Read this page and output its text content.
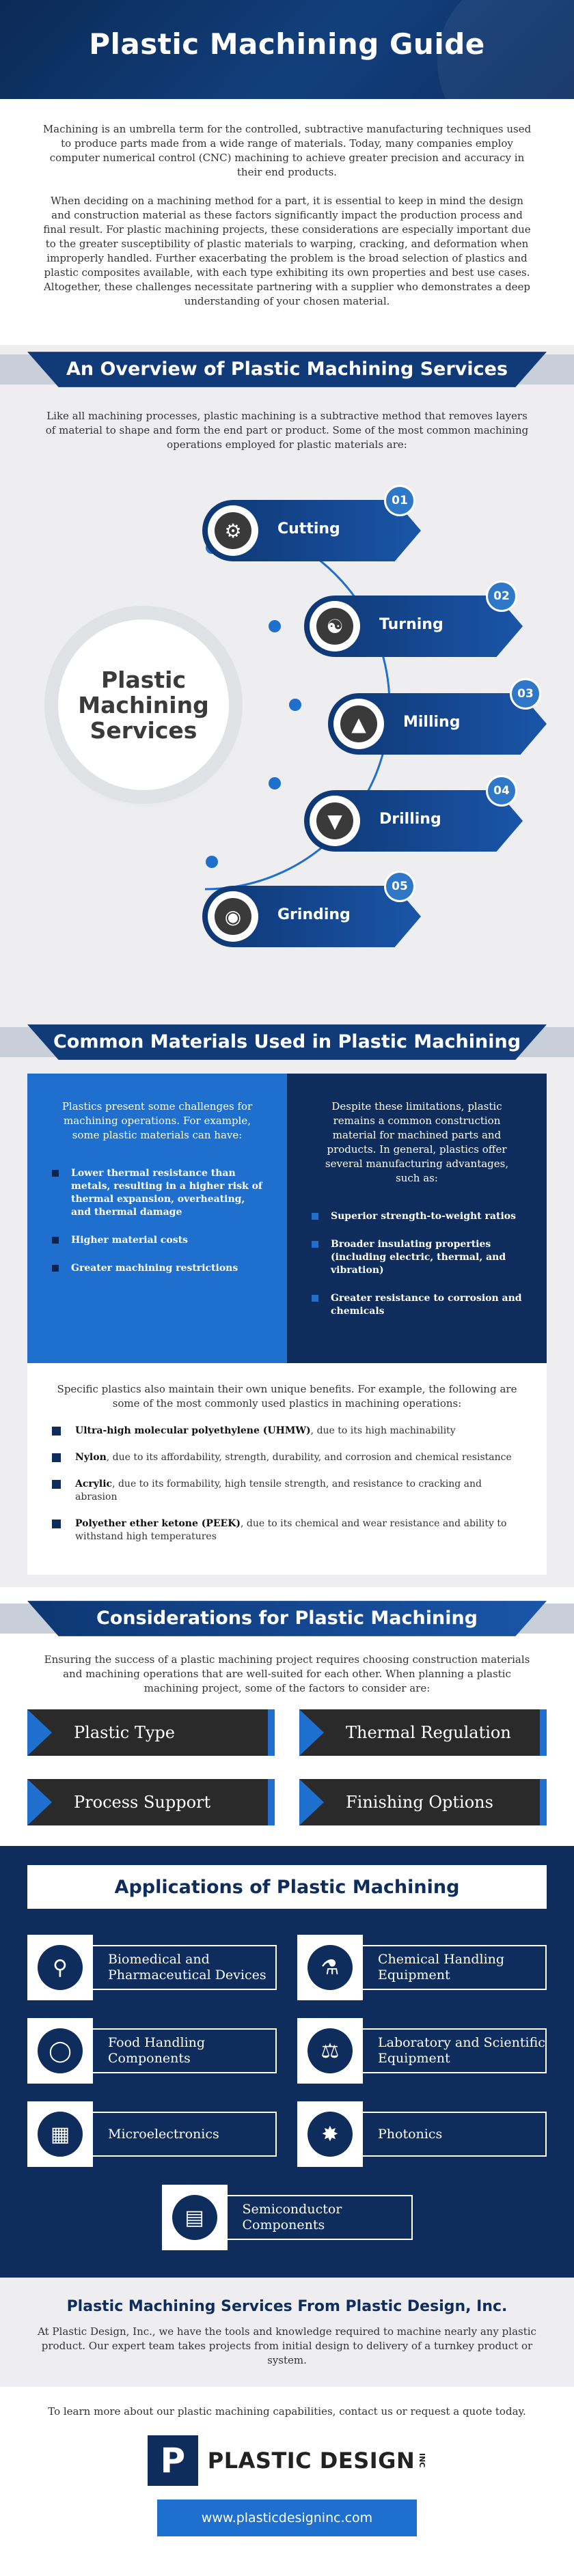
Plastic Machining Guide

Machining is an umbrella term for the controlled, subtractive manufacturing techniques used to produce parts made from a wide range of materials. Today, many companies employ computer numerical control (CNC) machining to achieve greater precision and accuracy in their end products.

When deciding on a machining method for a part, it is essential to keep in mind the design and construction material as these factors significantly impact the production process and final result. For plastic machining projects, these considerations are especially important due to the greater susceptibility of plastic materials to warping, cracking, and deformation when improperly handled. Further exacerbating the problem is the broad selection of plastics and plastic composites available, with each type exhibiting its own properties and best use cases. Altogether, these challenges necessitate partnering with a supplier who demonstrates a deep understanding of your chosen material.

An Overview of Plastic Machining Services
Like all machining processes, plastic machining is a subtractive method that removes layers of material to shape and form the end part or product. Some of the most common machining operations employed for plastic materials are:
Plastic Machining Services
⚙	Cutting
01
☯	Turning
02
▲	Milling
03
▼	Drilling
04
◉	Grinding
05
Common Materials Used in Plastic Machining
Plastics present some challenges for machining operations. For example, some plastic materials can have:
Lower thermal resistance than metals, resulting in a higher risk of thermal expansion, overheating, and thermal damage
Higher material costs
Greater machining restrictions
Despite these limitations, plastic remains a common construction material for machined parts and products. In general, plastics offer several manufacturing advantages, such as:
Superior strength-to-weight ratios
Broader insulating properties (including electric, thermal, and vibration)
Greater resistance to corrosion and chemicals
Specific plastics also maintain their own unique benefits. For example, the following are some of the most commonly used plastics in machining operations:
Ultra-high molecular polyethylene (UHMW), due to its high machinability
Nylon, due to its affordability, strength, durability, and corrosion and chemical resistance
Acrylic, due to its formability, high tensile strength, and resistance to cracking and abrasion
Polyether ether ketone (PEEK), due to its chemical and wear resistance and ability to withstand high temperatures
Considerations for Plastic Machining
Ensuring the success of a plastic machining project requires choosing construction materials and machining operations that are well-suited for each other. When planning a plastic machining project, some of the factors to consider are:
Plastic Type	Thermal Regulation
Process Support	Finishing Options
Applications of Plastic Machining
⚲	Biomedical and Pharmaceutical Devices	⚗	Chemical Handling Equipment
◯	Food Handling Components	⚖	Laboratory and Scientific Equipment
▦	Microelectronics	✸	Photonics
▤	Semiconductor Components
Plastic Machining Services From Plastic Design, Inc.

At Plastic Design, Inc., we have the tools and knowledge required to machine nearly any plastic product. Our expert team takes projects from initial design to delivery of a turnkey product or system.

To learn more about our plastic machining capabilities, contact us or request a quote today.

P	PLASTIC DESIGN INC
www.plasticdesigninc.com
